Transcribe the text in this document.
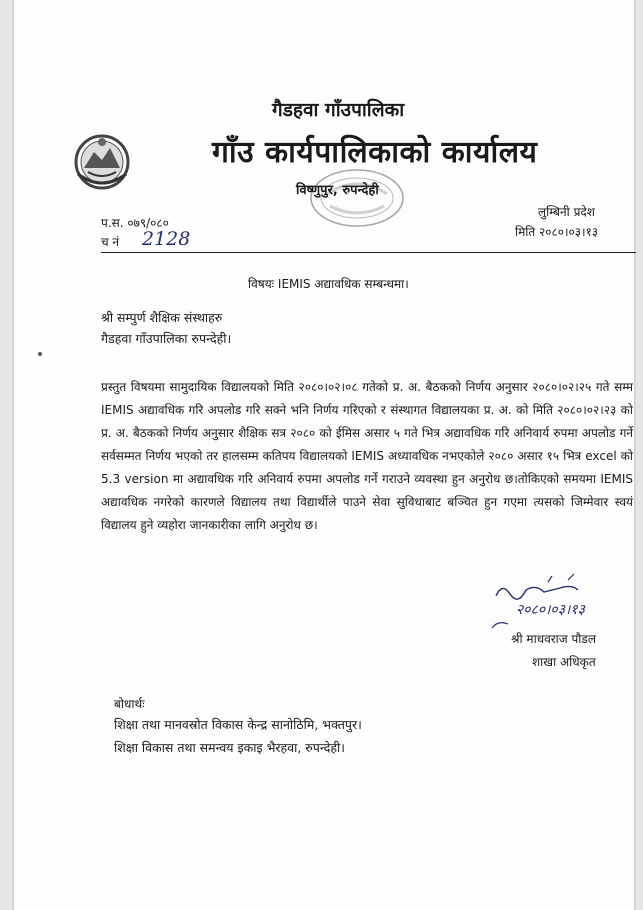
गैडहवा गाँउपालिका
गाँउ कार्यपालिकाको कार्यालय
विष्णुपुर, रुपन्देही
प.स. ०७९/०८०
च नं 2128
लुम्बिनी प्रदेश
मिति २०८०।०३।१३
विषयः IEMIS अद्यावधिक सम्बन्धमा।
श्री सम्पुर्ण शैक्षिक संस्थाहरु
गैडहवा गाँउपालिका रुपन्देही।
प्रस्तुत विषयमा सामुदायिक विद्यालयको मिति २०८०।०२।०८ गतेको प्र. अ. बैठकको निर्णय अनुसार २०८०।०२।२५ गते सम्म IEMIS अद्यावधिक गरि अपलोड गरि सक्ने भनि निर्णय गरिएको र संस्थागत विद्यालयका प्र. अ. को मिति २०८०।०२।२३ को प्र. अ. बैठकको निर्णय अनुसार शैक्षिक सत्र २०८० को ईमिस असार ५ गते भित्र अद्यावधिक गरि अनिवार्य रुपमा अपलोड गर्ने सर्वसम्मत निर्णय भएको तर हालसम्म कतिपय विद्यालयको IEMIS अध्यावधिक नभएकोले २०८० असार १५ भित्र excel को 5.3 version मा अद्यावधिक गरि अनिवार्य रुपमा अपलोड गर्ने गराउने व्यवस्था हुन अनुरोध छ।तोकिएको समयमा IEMIS अद्यावधिक नगरेको कारणले विद्यालय तथा विद्यार्थीले पाउने सेवा सुविधाबाट बञ्चित हुन गएमा त्यसको जिम्मेवार स्वयं विद्यालय हुने व्यहोरा जानकारीका लागि अनुरोध छ।
२०८०।०३।१३
श्री माधवराज पौडल
शाखा अधिकृत
बोधार्थः
शिक्षा तथा मानवस्रोत विकास केन्द्र सानोठिमि, भक्तपुर।
शिक्षा विकास तथा समन्वय इकाइ भैरहवा, रुपन्देही।
